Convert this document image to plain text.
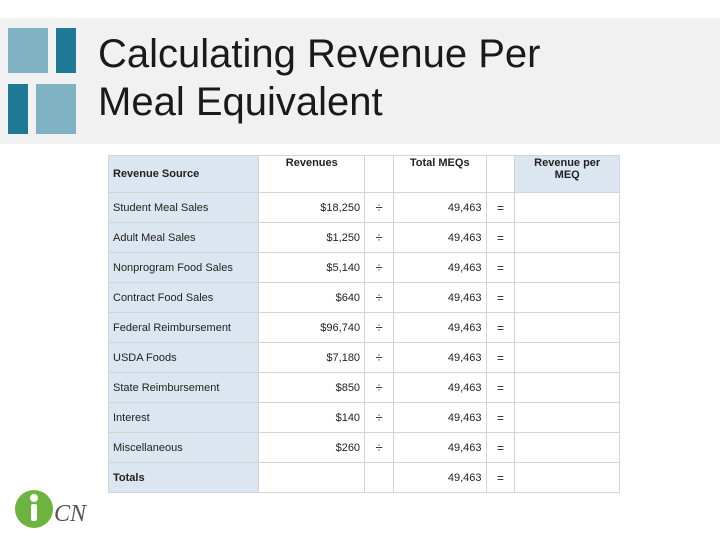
Calculating Revenue Per
Meal Equivalent
Revenue Source	Revenues		Total MEQs		Revenue per
MEQ

Student Meal Sales	$18,250	÷	49,463	=	
Adult Meal Sales	$1,250	÷	49,463	=	
Nonprogram Food Sales	$5,140	÷	49,463	=	
Contract Food Sales	$640	÷	49,463	=	
Federal Reimbursement	$96,740	÷	49,463	=	
USDA Foods	$7,180	÷	49,463	=	
State Reimbursement	$850	÷	49,463	=	
Interest	$140	÷	49,463	=	
Miscellaneous	$260	÷	49,463	=	
Totals			49,463	=	
CN
